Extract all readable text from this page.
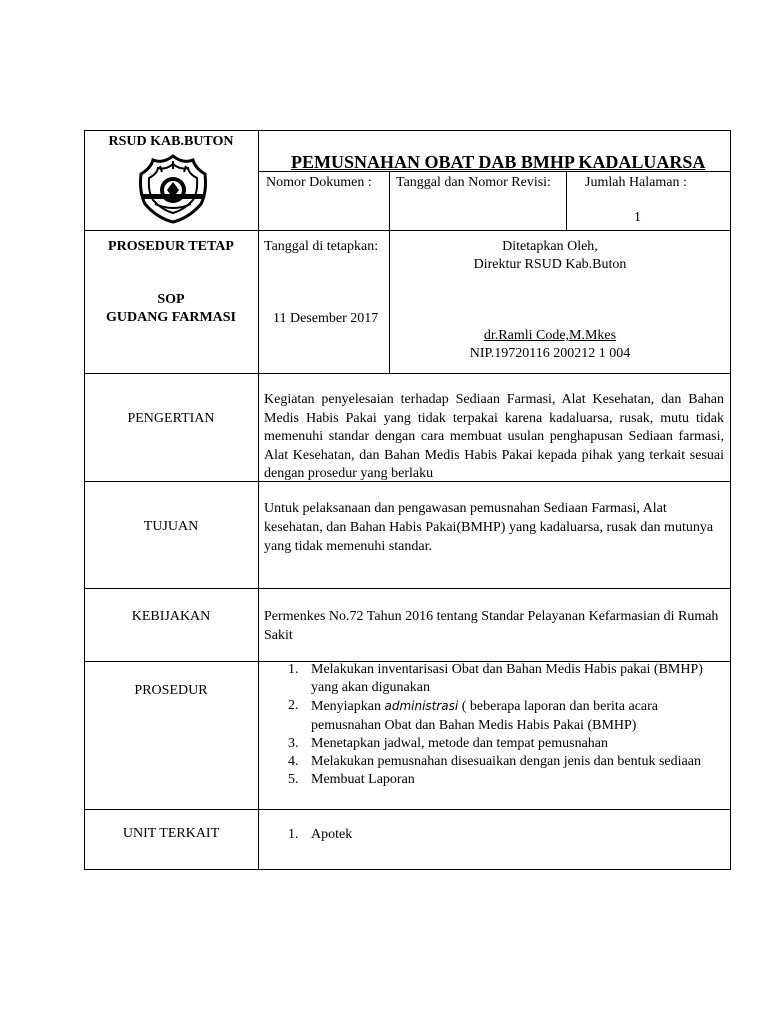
RSUD KAB.BUTON
PEMUSNAHAN OBAT DAB BMHP KADALUARSA
Nomor Dokumen : Tanggal dan Nomor Revisi: Jumlah Halaman :
1
PROSEDUR TETAP
SOP
GUDANG FARMASI
Tanggal di tetapkan:
11 Desember 2017
Ditetapkan Oleh,
Direktur RSUD Kab.Buton
dr.Ramli Code,M.Mkes
NIP.19720116 200212 1 004
PENGERTIAN
Kegiatan penyelesaian terhadap Sediaan Farmasi, Alat Kesehatan, dan Bahan Medis Habis Pakai yang tidak terpakai karena kadaluarsa, rusak, mutu tidak memenuhi standar dengan cara membuat usulan penghapusan Sediaan farmasi, Alat Kesehatan, dan Bahan Medis Habis Pakai kepada pihak yang terkait sesuai dengan prosedur yang berlaku
TUJUAN
Untuk pelaksanaan dan pengawasan pemusnahan Sediaan Farmasi, Alat kesehatan, dan Bahan Habis Pakai(BMHP) yang kadaluarsa, rusak dan mutunya yang tidak memenuhi standar.
KEBIJAKAN	Permenkes No.72 Tahun 2016 tentang Standar Pelayanan Kefarmasian di Rumah Sakit
PROSEDUR
1. Melakukan inventarisasi Obat dan Bahan Medis Habis pakai (BMHP) yang akan digunakan
2. Menyiapkan administrasi ( beberapa laporan dan berita acara pemusnahan Obat dan Bahan Medis Habis Pakai (BMHP)
3. Menetapkan jadwal, metode dan tempat pemusnahan
4. Melakukan pemusnahan disesuaikan dengan jenis dan bentuk sediaan
5. Membuat Laporan
UNIT TERKAIT	1. Apotek
